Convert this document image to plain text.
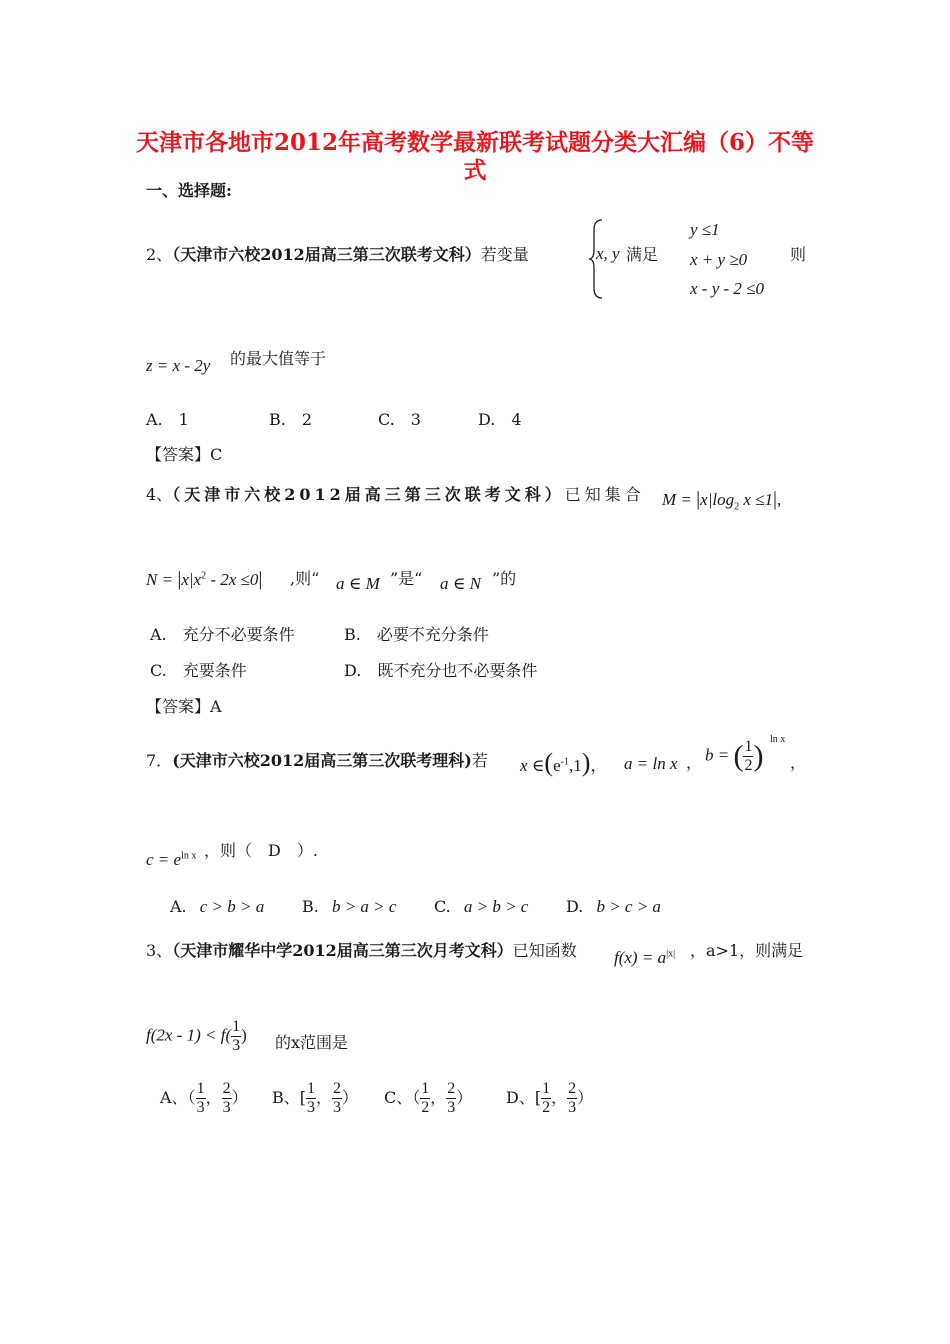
天津市各地市2012年高考数学最新联考试题分类大汇编（6）不等
式
一、选择题:
2、（天津市六校2012届高三第三次联考文科）若变量	x, y 满足
y ≤1
x + y ≥0
x - y - 2 ≤0
则
z = x - 2y 的最大值等于
A.　1	B.　2	C.　3	D.　4
【答案】C
4、（天津市六校2012届高三第三次联考文科）已知集合 $M = |x|\log_2$ x ≤1|,
$N = |x|x^2 - 2x \le 0|$ ,则“ a ∈ M ”是“ a ∈ N ”的
A.　充分不必要条件	B.　必要不充分条件
C.　充要条件	D.　既不充分也不必要条件
【答案】A
7．(天津市六校2012届高三第三次联考理科)若 x $\in(e^{-1},1)$， a = ln x ， b = ( $\frac{1}{2}$ ) ln x
，
$c = e^{ln x}$ ，则（　D　）.
A. c > b > a B. b > a > c C. a > b > c D. b > c > a
3、（天津市耀华中学2012届高三第三次月考文科）已知函数 $f(x) = a^{|x|}$ ，a>1，则满足
$f(2x - 1) < f( \frac{1}{3}$ ) 的x范围是
A、（ $\frac{1}{3}$ ， $\frac{2}{3}$ ） B、[ $\frac{1}{3}$ ， $\frac{2}{3}$ ） C、（ $\frac{1}{2}$ ， $\frac{2}{3}$ ） D、[ $\frac{1}{2}$ ， $\frac{2}{3}$ ）
